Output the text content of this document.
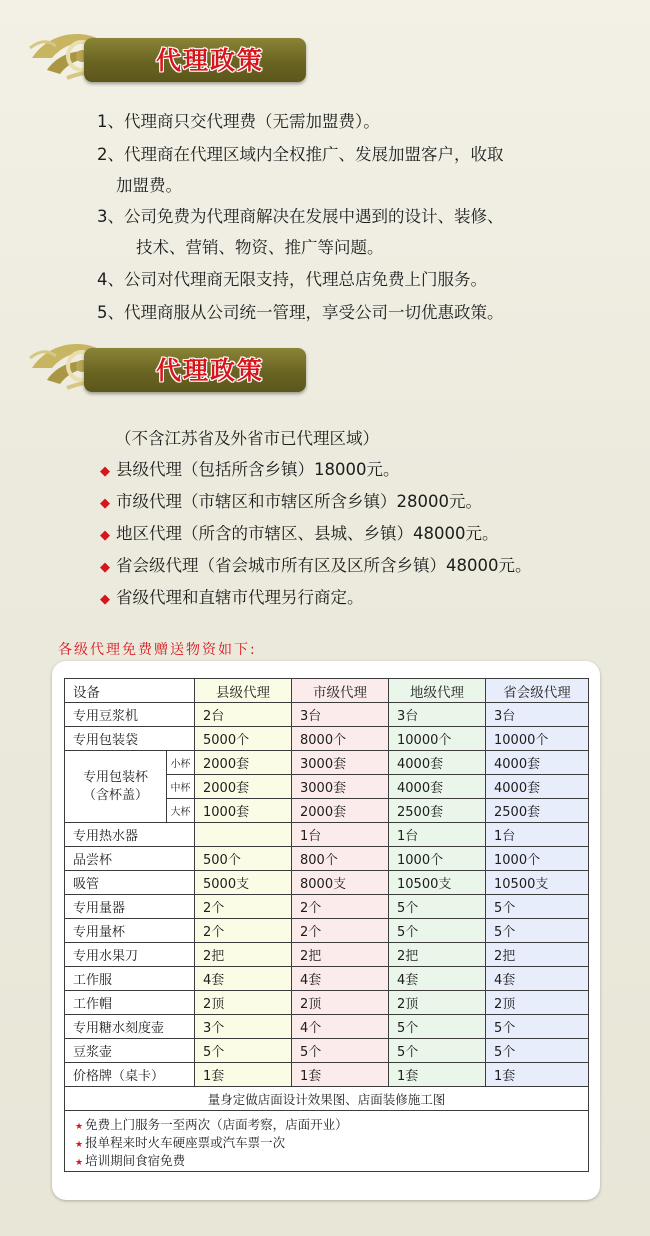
代理政策
1、代理商只交代理费（无需加盟费）。
2、代理商在代理区域内全权推广、发展加盟客户，收取
加盟费。
3、公司免费为代理商解决在发展中遇到的设计、装修、
技术、营销、物资、推广等问题。
4、公司对代理商无限支持，代理总店免费上门服务。
5、代理商服从公司统一管理，享受公司一切优惠政策。
代理政策
（不含江苏省及外省市已代理区域）
◆ 县级代理（包括所含乡镇）18000元。
◆ 市级代理（市辖区和市辖区所含乡镇）28000元。
◆ 地区代理（所含的市辖区、县城、乡镇）48000元。
◆ 省会级代理（省会城市所有区及区所含乡镇）48000元。
◆ 省级代理和直辖市代理另行商定。
各级代理免费赠送物资如下:
设备		县级代理	市级代理	地级代理	省会级代理
专用豆浆机		2台	3台	3台	3台
专用包装袋		5000个	8000个	10000个	10000个

专用包装杯
（含杯盖）	小杯	2000套	3000套	4000套	4000套
	中杯	2000套	3000套	4000套	4000套
	大杯	1000套	2000套	2500套	2500套
专用热水器			1台	1台	1台
品尝杯		500个	800个	1000个	1000个
吸管		5000支	8000支	10500支	10500支
专用量器		2个	2个	5个	5个
专用量杯		2个	2个	5个	5个
专用水果刀		2把	2把	2把	2把
工作服		4套	4套	4套	4套
工作帽		2顶	2顶	2顶	2顶
专用糖水刻度壶		3个	4个	5个	5个
豆浆壶		5个	5个	5个	5个
价格牌（桌卡）		1套	1套	1套	1套
量身定做店面设计效果图、店面装修施工图					

★ 免费上门服务一至两次（店面考察，店面开业）
★ 报单程来时火车硬座票或汽车票一次
★ 培训期间食宿免费					
